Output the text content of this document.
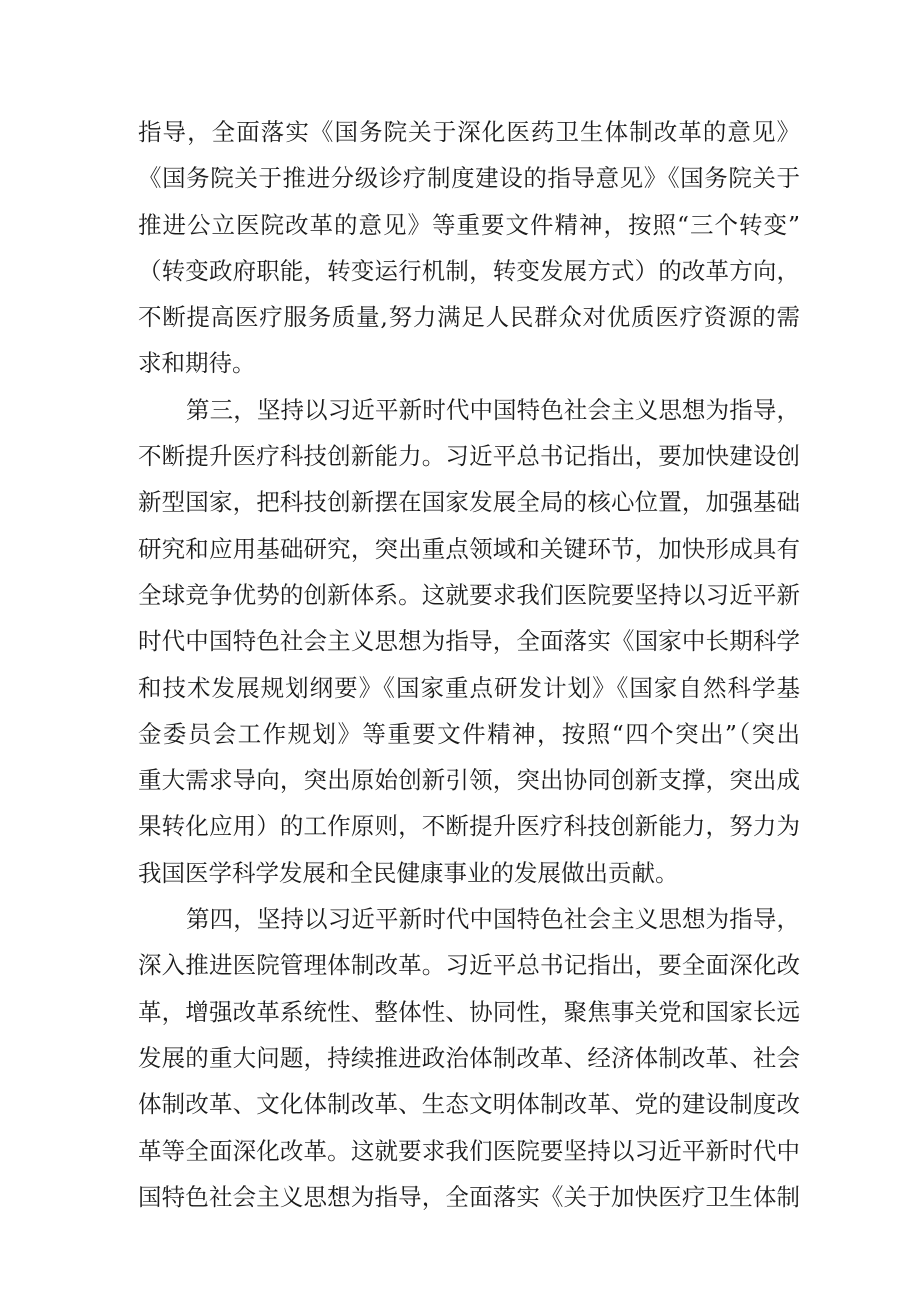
指导，全面落实《国务院关于深化医药卫生体制改革的意见》
《国务院关于推进分级诊疗制度建设的指导意见》《国务院关于
推进公立医院改革的意见》等重要文件精神，按照“三个转变”
（转变政府职能，转变运行机制，转变发展方式）的改革方向，
不断提高医疗服务质量,努力满足人民群众对优质医疗资源的需
求和期待。
第三，坚持以习近平新时代中国特色社会主义思想为指导，
不断提升医疗科技创新能力。习近平总书记指出，要加快建设创
新型国家，把科技创新摆在国家发展全局的核心位置，加强基础
研究和应用基础研究，突出重点领域和关键环节，加快形成具有
全球竞争优势的创新体系。这就要求我们医院要坚持以习近平新
时代中国特色社会主义思想为指导，全面落实《国家中长期科学
和技术发展规划纲要》《国家重点研发计划》《国家自然科学基
金委员会工作规划》等重要文件精神，按照“四个突出”（突出
重大需求导向，突出原始创新引领，突出协同创新支撑，突出成
果转化应用）的工作原则，不断提升医疗科技创新能力，努力为
我国医学科学发展和全民健康事业的发展做出贡献。
第四，坚持以习近平新时代中国特色社会主义思想为指导，
深入推进医院管理体制改革。习近平总书记指出，要全面深化改
革，增强改革系统性、整体性、协同性，聚焦事关党和国家长远
发展的重大问题，持续推进政治体制改革、经济体制改革、社会
体制改革、文化体制改革、生态文明体制改革、党的建设制度改
革等全面深化改革。这就要求我们医院要坚持以习近平新时代中
国特色社会主义思想为指导，全面落实《关于加快医疗卫生体制
